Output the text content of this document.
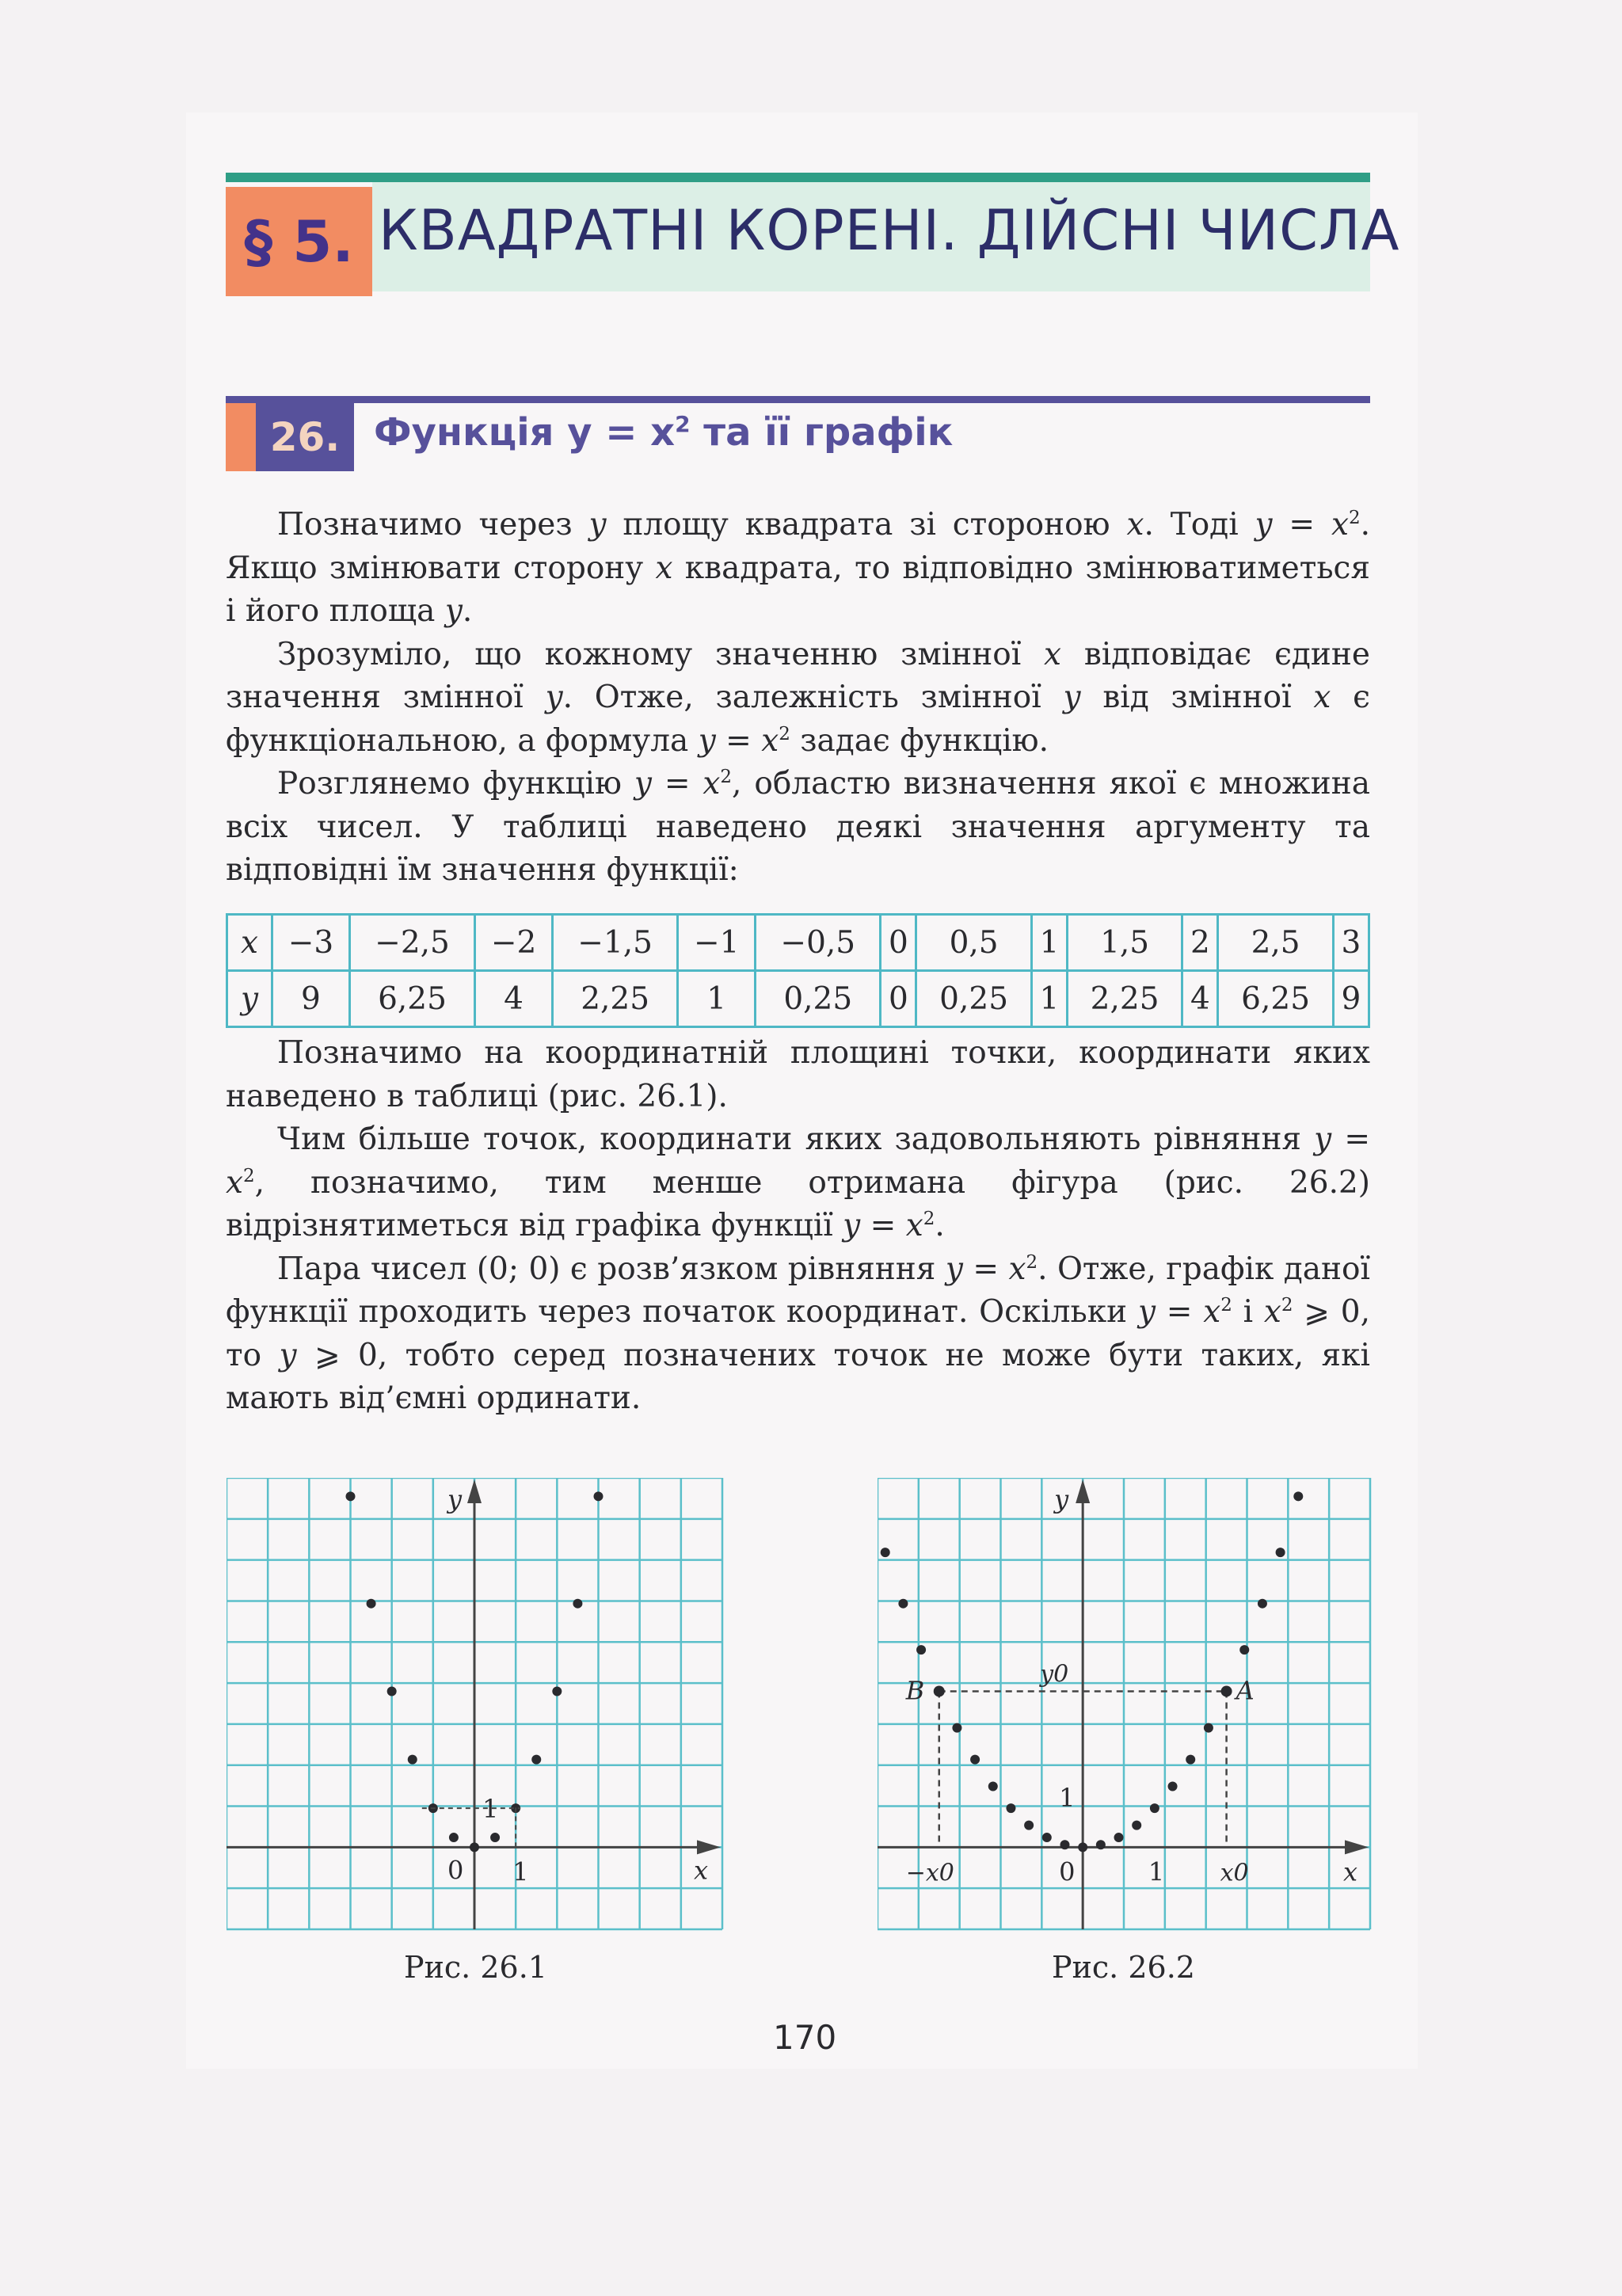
§ 5. КВАДРАТНІ КОРЕНІ. ДІЙСНІ ЧИСЛА
26. Функція $y = x^2$ та її графік

Позначимо через y площу квадрата зі стороною x. Тоді $y = x^2$. Якщо змінювати сторону x квадрата, то відповідно змінюватиметься і його площа y.

Зрозуміло, що кожному значенню змінної x відповідає єдине значення змінної y. Отже, залежність змінної y від змінної x є функціональною, а формула $y = x^2$ задає функцію.

Розглянемо функцію $y = x^2$, областю визначення якої є множина всіх чисел. У таблиці наведено деякі значення аргументу та відповідні їм значення функції:

x	−3	−2,5	−2	−1,5	−1	−0,5	0	0,5	1	1,5	2	2,5	3
y	9	6,25	4	2,25	1	0,25	0	0,25	1	2,25	4	6,25	9

Позначимо на координатній площині точки, координати яких наведено в таблиці (рис. 26.1).

Чим більше точок, координати яких задовольняють рівняння $y = x^2$, позначимо, тим менше отримана фігура (рис. 26.2) відрізнятиметься від графіка функції $y = x^2$.

Пара чисел (0; 0) є розв’язком рівняння $y = x^2$. Отже, графік даної функції проходить через початок координат. Оскільки $y = x^2$ і $x^2$ ⩾ 0, то y ⩾ 0, тобто серед позначених точок не може бути таких, які мають від’ємні ординати.

y
x
0 1
1
Рис. 26.1
y
x
0	1
1
A
B
y0
x0
−x0
Рис. 26.2
170
